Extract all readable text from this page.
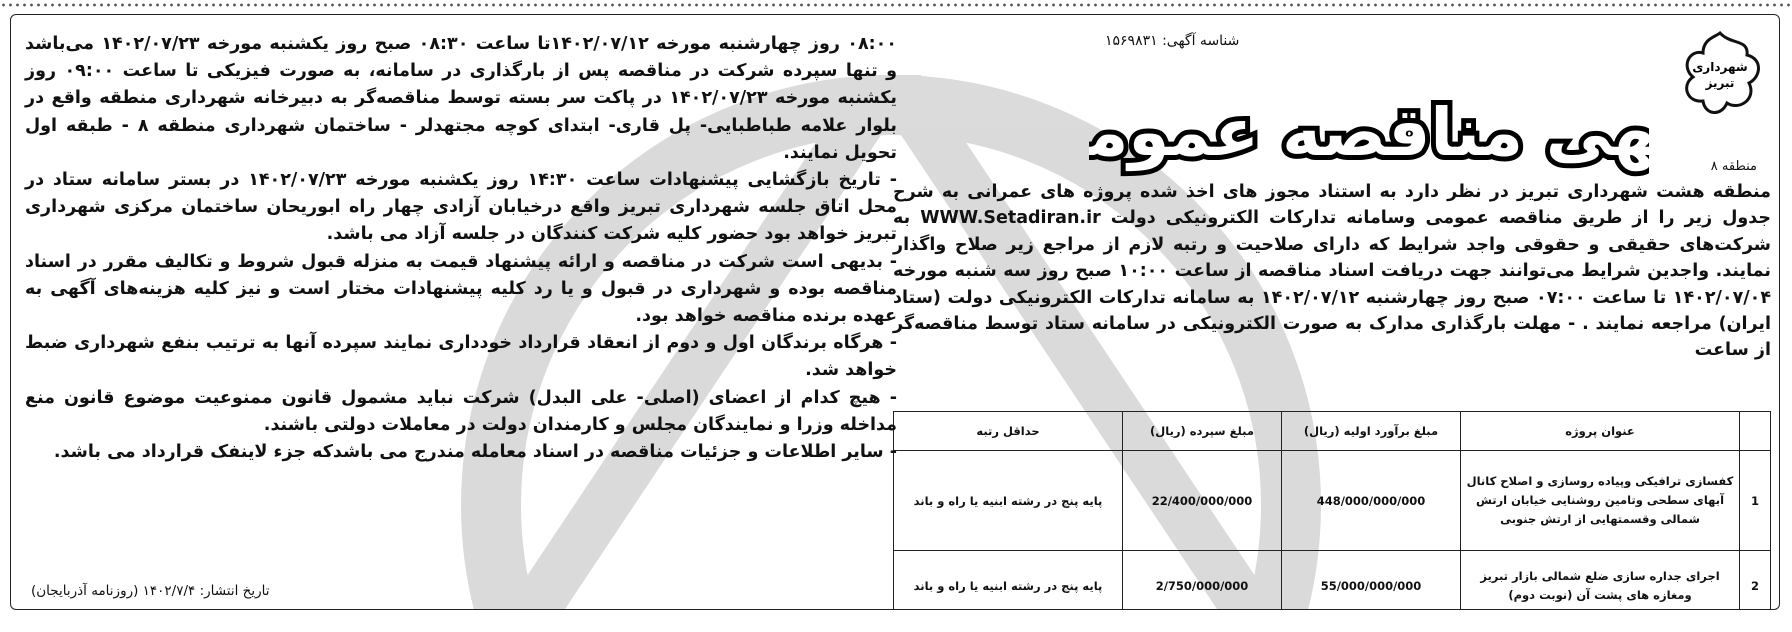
شهرداری
تبریز
منطقه ۸
شناسه آگهی: ۱۵۶۹۸۳۱
هی مناقصه عموم
منطقه هشت شهرداری تبریز در نظر دارد به استناد مجوز های اخذ شده پروژه های عمرانی به شرح جدول زیر را از طریق مناقصه عمومی وسامانه تدارکات الکترونیکی دولت WWW.Setadiran.ir به شرکت‌های حقیقی و حقوقی واجد شرایط که دارای صلاحیت و رتبه لازم از مراجع زیر صلاح واگذار نمایند. واجدین شرایط می‌توانند جهت دریافت اسناد مناقصه از ساعت ۱۰:۰۰ صبح روز سه شنبه مورخه ۱۴۰۲/۰۷/۰۴ تا ساعت ۰۷:۰۰ صبح روز چهارشنبه ۱۴۰۲/۰۷/۱۲ به سامانه تدارکات الکترونیکی دولت (ستاد ایران) مراجعه نمایند . - مهلت بارگذاری مدارک به صورت الکترونیکی در سامانه ستاد توسط مناقصه‌گر از ساعت
	عنوان پروژه	مبلغ برآورد اولیه (ریال)	مبلغ سپرده (ریال)	حداقل رتبه
1	کفسازی ترافیکی وپیاده روسازی و اصلاح کانال آبهای سطحی وتامین روشنایی خیابان ارتش شمالی وقسمتهایی از ارتش جنوبی	448/000/000/000	22/400/000/000	پایه پنج در رشته ابنیه یا راه و باند
2	اجرای جداره سازی ضلع شمالی بازار تبریز ومغازه های پشت آن (نوبت دوم)	55/000/000/000	2/750/000/000	پایه پنج در رشته ابنیه یا راه و باند

۰۸:۰۰ روز چهارشنبه مورخه ۱۴۰۲/۰۷/۱۲تا ساعت ۰۸:۳۰ صبح روز یکشنبه مورخه ۱۴۰۲/۰۷/۲۳ می‌باشد و تنها سپرده شرکت در مناقصه پس از بارگذاری در سامانه، به صورت فیزیکی تا ساعت ۰۹:۰۰ روز یکشنبه مورخه ۱۴۰۲/۰۷/۲۳ در پاکت سر بسته توسط مناقصه‌گر به دبیرخانه شهرداری منطقه واقع در بلوار علامه طباطبایی- پل قاری- ابتدای کوچه مجتهدلر - ساختمان شهرداری منطقه ۸ - طبقه اول تحویل نمایند.

- تاریخ بازگشایی پیشنهادات ساعت ۱۴:۳۰ روز یکشنبه مورخه ۱۴۰۲/۰۷/۲۳ در بستر سامانه ستاد در محل اتاق جلسه شهرداری تبریز واقع درخیابان آزادی چهار راه ابوریحان ساختمان مرکزی شهرداری تبریز خواهد بود حضور کلیه شرکت کنندگان در جلسه آزاد می باشد.

- بدیهی است شرکت در مناقصه و ارائه پیشنهاد قیمت به منزله قبول شروط و تکالیف مقرر در اسناد مناقصه بوده و شهرداری در قبول و یا رد کلیه پیشنهادات مختار است و نیز کلیه هزینه‌های آگهی به عهده برنده مناقصه خواهد بود.

- هرگاه برندگان اول و دوم از انعقاد قرارداد خودداری نمایند سپرده آنها به ترتیب بنفع شهرداری ضبط خواهد شد.

- هیچ کدام از اعضای (اصلی- علی البدل) شرکت نباید مشمول قانون ممنوعیت موضوع قانون منع مداخله وزرا و نمایندگان مجلس و کارمندان دولت در معاملات دولتی باشند.

- سایر اطلاعات و جزئیات مناقصه در اسناد معامله مندرج می باشدکه جزء لاینفک قرارداد می باشد.

تاریخ انتشار: ۱۴۰۲/۷/۴ (روزنامه آذربایجان)
